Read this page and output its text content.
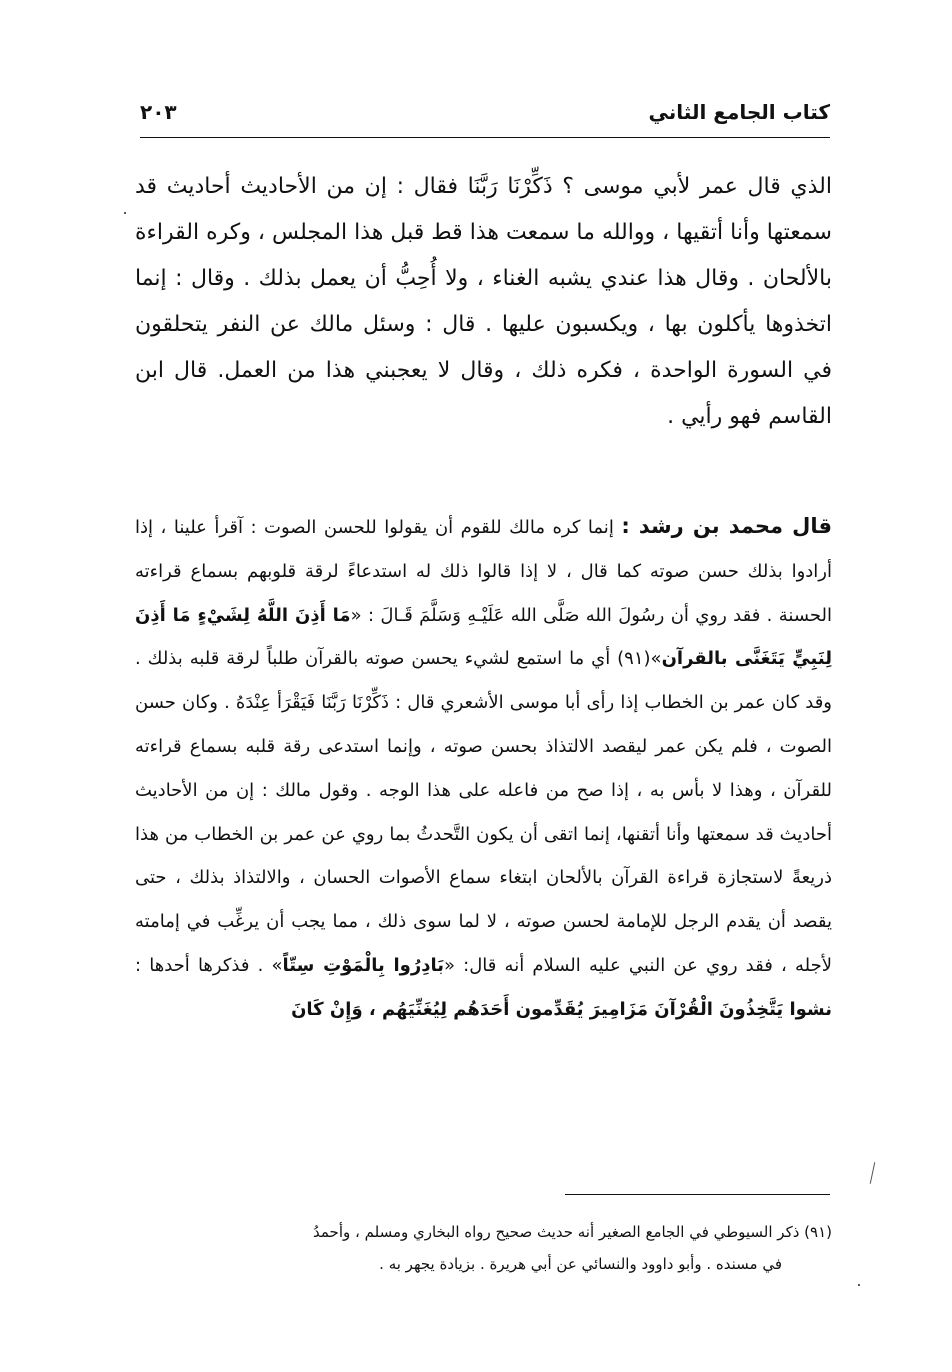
كتاب الجامع الثاني
٢٠٣
الذي قال عمر لأبي موسى ؟ ذَكِّرْنَا رَبَّنَا فقال : إن من الأحاديث أحاديث قد سمعتها وأنا أتقيها ، ووالله ما سمعت هذا قط قبل هذا المجلس ، وكره القراءة بالألحان . وقال هذا عندي يشبه الغناء ، ولا أُحِبُّ أن يعمل بذلك . وقال : إنما اتخذوها يأكلون بها ، ويكسبون عليها . قال : وسئل مالك عن النفر يتحلقون في السورة الواحدة ، فكره ذلك ، وقال لا يعجبني هذا من العمل. قال ابن القاسم فهو رأيي .
قال محمد بن رشد : إنما كره مالك للقوم أن يقولوا للحسن الصوت : آقرأ علينا ، إذا أرادوا بذلك حسن صوته كما قال ، لا إذا قالوا ذلك له استدعاءً لرقة قلوبهم بسماع قراءته الحسنة . فقد روي أن رسُولَ الله صَلَّى الله عَلَيْـهِ وَسَلَّمَ قَـالَ : «مَا أَذِنَ اللَّهُ لِشَيْءٍ مَا أَذِنَ لِنَبِيٍّ يَتَغَنَّى بالقرآن»(٩١) أي ما استمع لشيء يحسن صوته بالقرآن طلباً لرقة قلبه بذلك . وقد كان عمر بن الخطاب إذا رأى أبا موسى الأشعري قال : ذَكِّرْنَا رَبَّنَا فَيَقْرَأ عِنْدَهُ . وكان حسن الصوت ، فلم يكن عمر ليقصد الالتذاذ بحسن صوته ، وإنما استدعى رقة قلبه بسماع قراءته للقرآن ، وهذا لا بأس به ، إذا صح من فاعله على هذا الوجه . وقول مالك : إن من الأحاديث أحاديث قد سمعتها وأنا أتقنها، إنما اتقى أن يكون التَّحدثُ بما روي عن عمر بن الخطاب من هذا ذريعةً لاستجازة قراءة القرآن بالألحان ابتغاء سماع الأصوات الحسان ، والالتذاذ بذلك ، حتى يقصد أن يقدم الرجل للإمامة لحسن صوته ، لا لما سوى ذلك ، مما يجب أن يرغِّب في إمامته لأجله ، فقد روي عن النبي عليه السلام أنه قال: «بَادِرُوا بِالْمَوْتِ سِتّاً» . فذكرها أحدها : نشوا يَتَّخِذُونَ الْقُرْآنَ مَزَامِيرَ يُقَدِّمون أَحَدَهُم لِيُغَنِّيَهُم ، وَإِنْ كَانَ
(٩١) ذكر السيوطي في الجامع الصغير أنه حديث صحيح رواه البخاري ومسلم ، وأحمدُ
في مسنده . وأبو داوود والنسائي عن أبي هريرة . بزيادة يجهر به .
